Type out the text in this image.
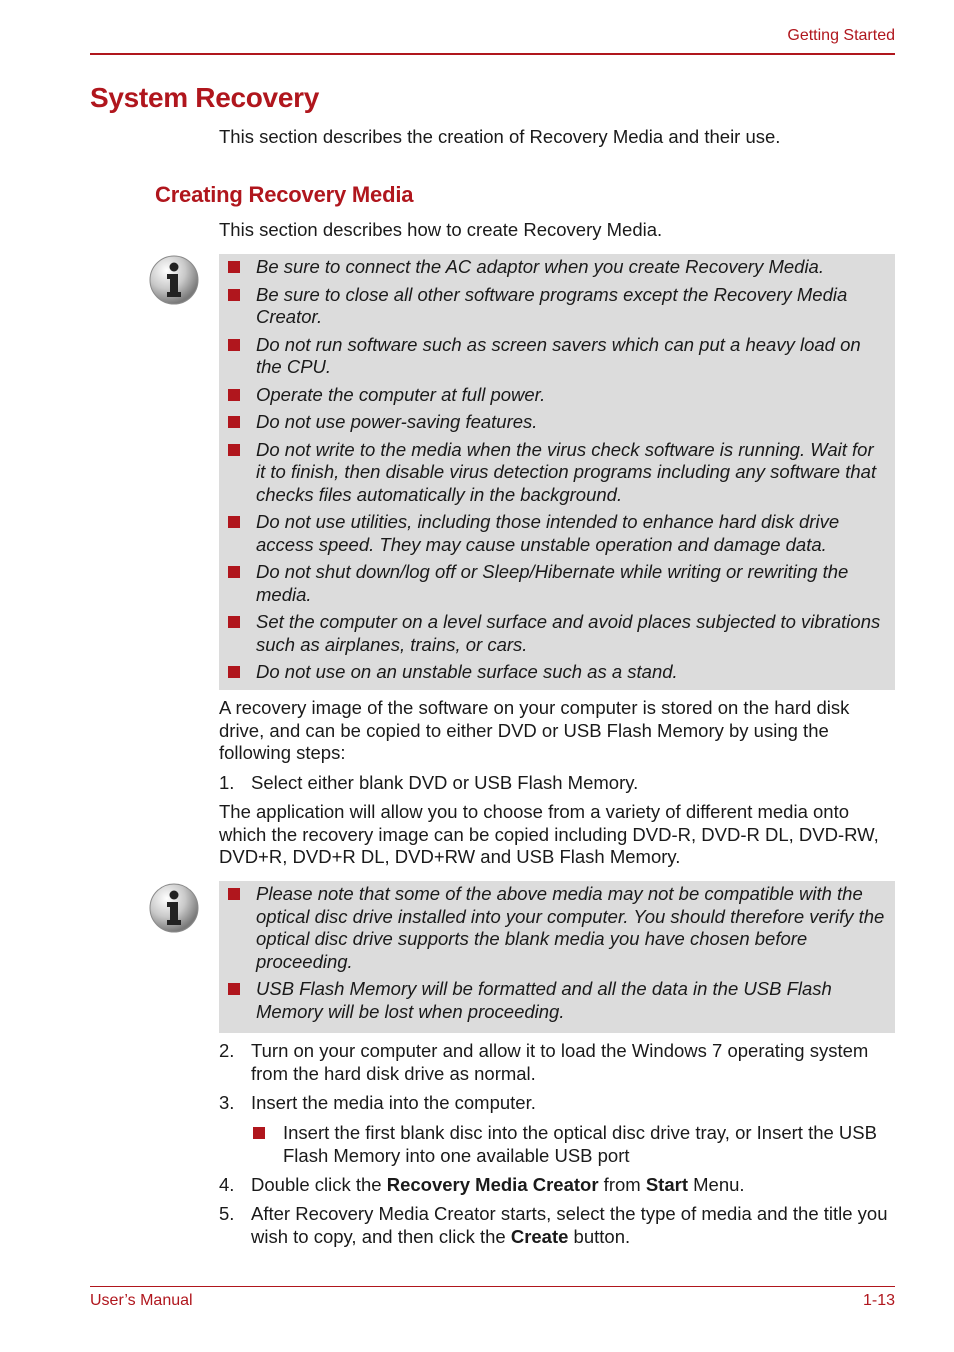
Getting Started
System Recovery

This section describes the creation of Recovery Media and their use.

Creating Recovery Media

This section describes how to create Recovery Media.

Be sure to connect the AC adaptor when you create Recovery Media.
Be sure to close all other software programs except the Recovery Media Creator.
Do not run software such as screen savers which can put a heavy load on the CPU.
Operate the computer at full power.
Do not use power-saving features.
Do not write to the media when the virus check software is running. Wait for it to finish, then disable virus detection programs including any software that checks files automatically in the background.
Do not use utilities, including those intended to enhance hard disk drive access speed. They may cause unstable operation and damage data.
Do not shut down/log off or Sleep/Hibernate while writing or rewriting the media.
Set the computer on a level surface and avoid places subjected to vibrations such as airplanes, trains, or cars.
Do not use on an unstable surface such as a stand.

A recovery image of the software on your computer is stored on the hard disk drive, and can be copied to either DVD or USB Flash Memory by using the following steps:

1. Select either blank DVD or USB Flash Memory.

The application will allow you to choose from a variety of different media onto which the recovery image can be copied including DVD-R, DVD-R DL, DVD-RW, DVD+R, DVD+R DL, DVD+RW and USB Flash Memory.

Please note that some of the above media may not be compatible with the optical disc drive installed into your computer. You should therefore verify the optical disc drive supports the blank media you have chosen before proceeding.
USB Flash Memory will be formatted and all the data in the USB Flash Memory will be lost when proceeding.
2. Turn on your computer and allow it to load the Windows 7 operating system from the hard disk drive as normal.
3. Insert the media into the computer.
Insert the first blank disc into the optical disc drive tray, or Insert the USB Flash Memory into one available USB port
4. Double click the Recovery Media Creator from Start Menu.
5. After Recovery Media Creator starts, select the type of media and the title you wish to copy, and then click the Create button.
User’s Manual	1-13
